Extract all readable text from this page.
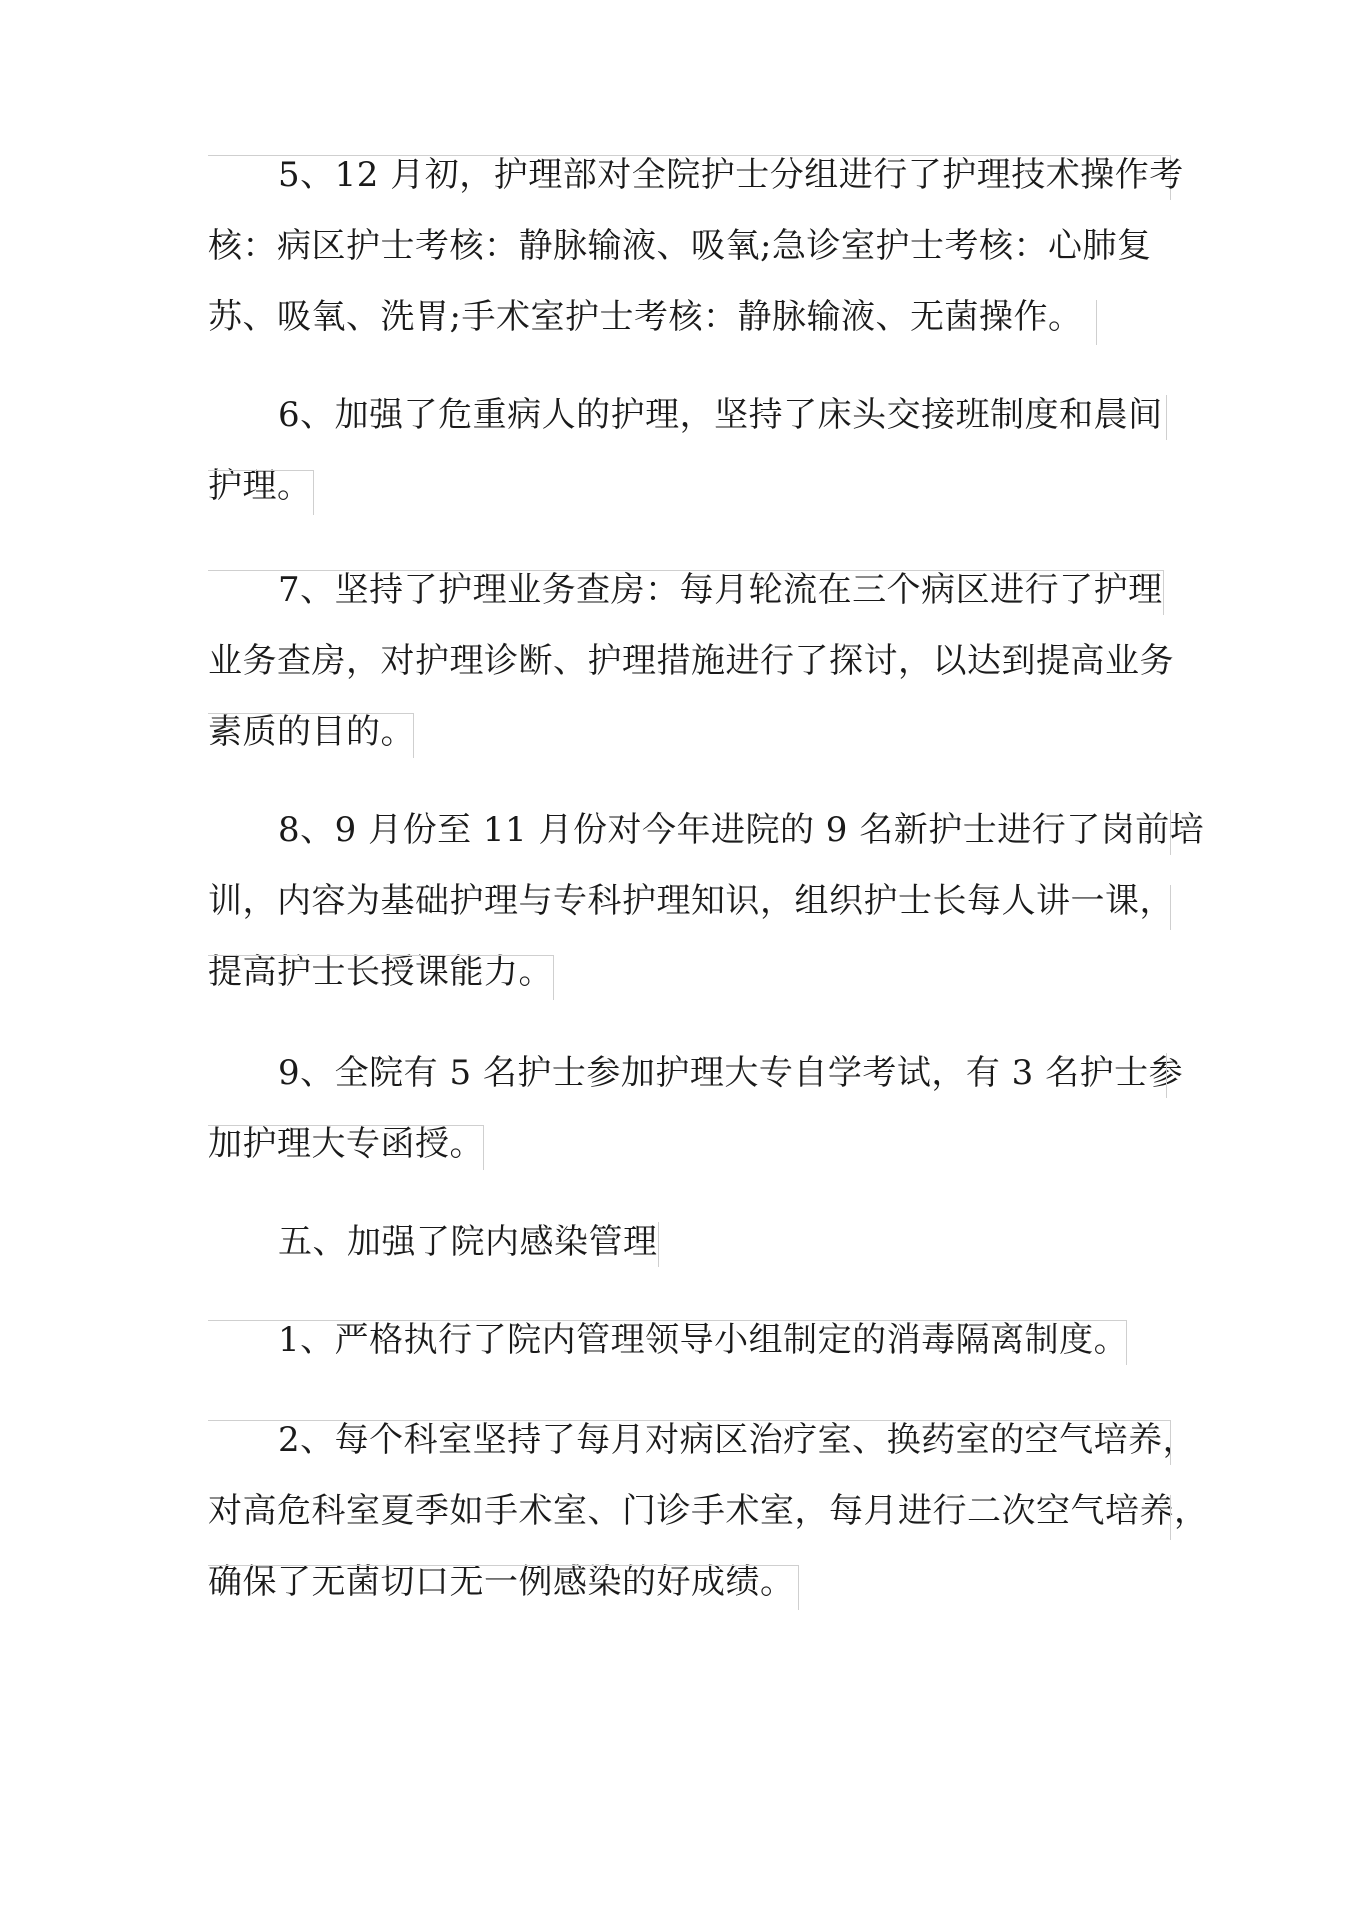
5、12 月初，护理部对全院护士分组进行了护理技术操作考
核：病区护士考核：静脉输液、吸氧;急诊室护士考核：心肺复
苏、吸氧、洗胃;手术室护士考核：静脉输液、无菌操作。
6、加强了危重病人的护理，坚持了床头交接班制度和晨间
护理。
7、坚持了护理业务查房：每月轮流在三个病区进行了护理
业务查房，对护理诊断、护理措施进行了探讨，以达到提高业务
素质的目的。
8、9 月份至 11 月份对今年进院的 9 名新护士进行了岗前培
训，内容为基础护理与专科护理知识，组织护士长每人讲一课，
提高护士长授课能力。
9、全院有 5 名护士参加护理大专自学考试，有 3 名护士参
加护理大专函授。
五、加强了院内感染管理
1、严格执行了院内管理领导小组制定的消毒隔离制度。
2、每个科室坚持了每月对病区治疗室、换药室的空气培养，
对高危科室夏季如手术室、门诊手术室，每月进行二次空气培养，
确保了无菌切口无一例感染的好成绩。
